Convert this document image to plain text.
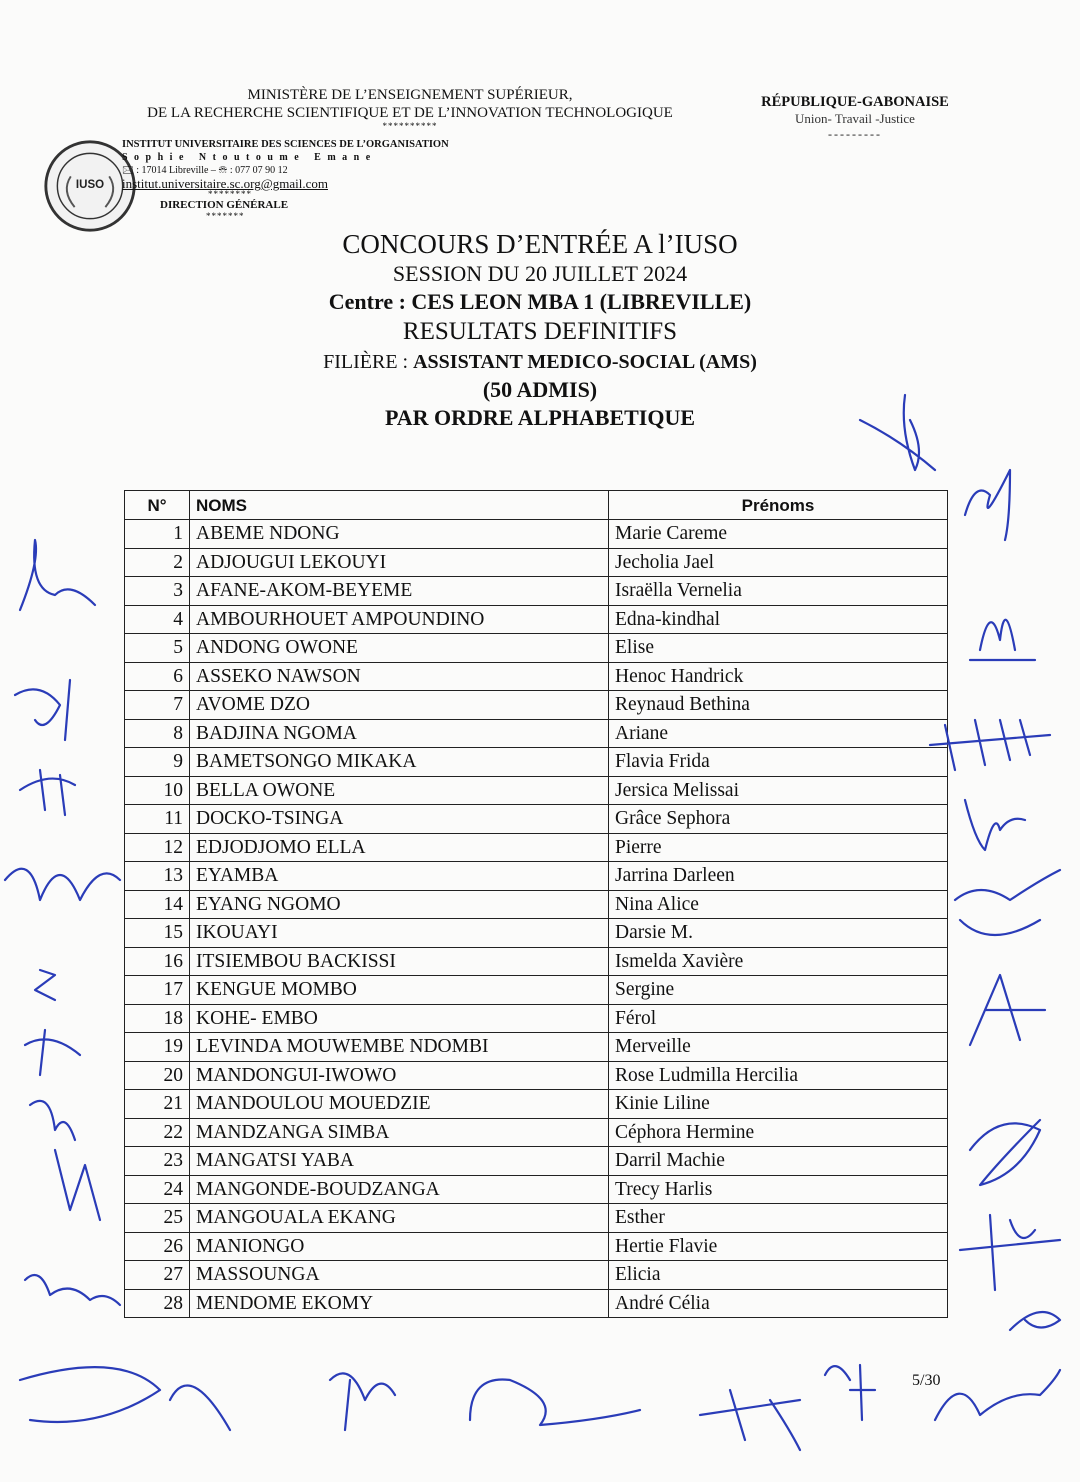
MINISTÈRE DE L’ENSEIGNEMENT SUPÉRIEUR,
DE LA RECHERCHE SCIENTIFIQUE ET DE L’INNOVATION TECHNOLOGIQUE
**********
IUSO
INSTITUT UNIVERSITAIRE DES SCIENCES DE L’ORGANISATION
Sophie Ntoutoume Emane
🖂 : 17014 Libreville – ☏ : 077 07 90 12
institut.universitaire.sc.org@gmail.com
********
DIRECTION GÉNÉRALE
*******
RÉPUBLIQUE-GABONAISE
Union- Travail -Justice
---------
CONCOURS D’ENTRÉE A l’IUSO
SESSION DU 20 JUILLET 2024
Centre : CES LEON MBA 1 (LIBREVILLE)
RESULTATS DEFINITIFS
FILIÈRE : ASSISTANT MEDICO-SOCIAL (AMS)
(50 ADMIS)
PAR ORDRE ALPHABETIQUE
N°	NOMS	Prénoms
1	ABEME NDONG	Marie Careme
2	ADJOUGUI LEKOUYI	Jecholia Jael
3	AFANE-AKOM-BEYEME	Israëlla Vernelia
4	AMBOURHOUET AMPOUNDINO	Edna-kindhal
5	ANDONG OWONE	Elise
6	ASSEKO NAWSON	Henoc Handrick
7	AVOME DZO	Reynaud Bethina
8	BADJINA NGOMA	Ariane
9	BAMETSONGO MIKAKA	Flavia Frida
10	BELLA OWONE	Jersica Melissai
11	DOCKO-TSINGA	Grâce Sephora
12	EDJODJOMO ELLA	Pierre
13	EYAMBA	Jarrina Darleen
14	EYANG NGOMO	Nina Alice
15	IKOUAYI	Darsie M.
16	ITSIEMBOU BACKISSI	Ismelda Xavière
17	KENGUE MOMBO	Sergine
18	KOHE- EMBO	Férol
19	LEVINDA MOUWEMBE NDOMBI	Merveille
20	MANDONGUI-IWOWO	Rose Ludmilla Hercilia
21	MANDOULOU MOUEDZIE	Kinie Liline
22	MANDZANGA SIMBA	Céphora Hermine
23	MANGATSI YABA	Darril Machie
24	MANGONDE-BOUDZANGA	Trecy Harlis
25	MANGOUALA EKANG	Esther
26	MANIONGO	Hertie Flavie
27	MASSOUNGA	Elicia
28	MENDOME EKOMY	André Célia
5/30
